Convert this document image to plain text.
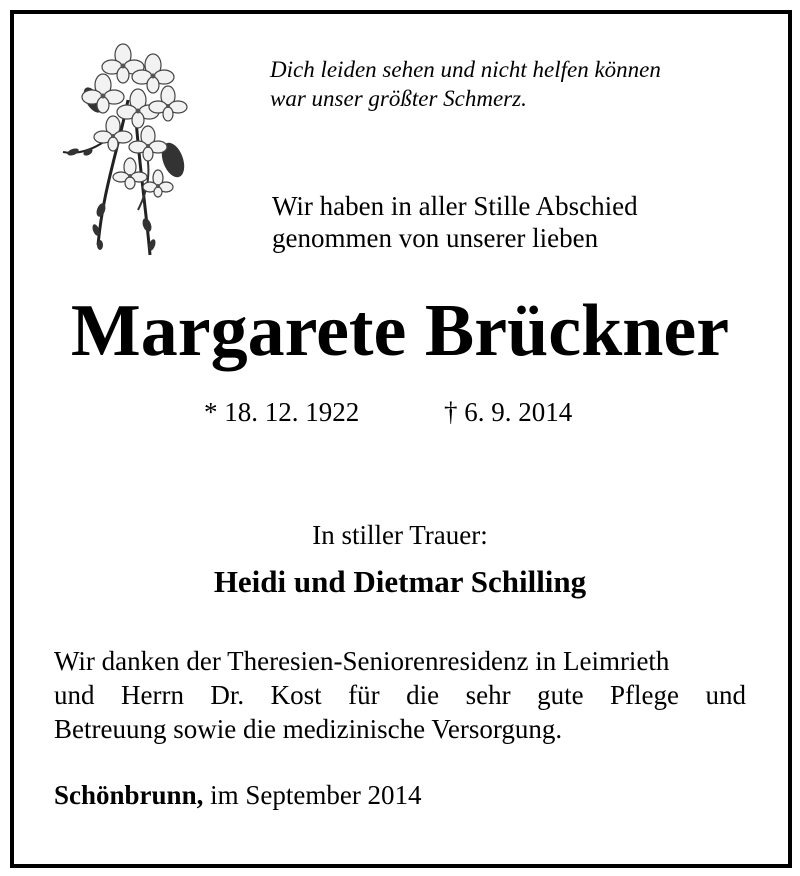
Dich leiden sehen und nicht helfen können
war unser größter Schmerz.
Wir haben in aller Stille Abschied
genommen von unserer lieben
Margarete Brückner
* 18. 12. 1922	† 6. 9. 2014
In stiller Trauer:
Heidi und Dietmar Schilling
Wir danken der Theresien-Seniorenresidenz in Leimrieth
und Herrn Dr. Kost für die sehr gute Pflege und
Betreuung sowie die medizinische Versorgung.
Schönbrunn, im September 2014
